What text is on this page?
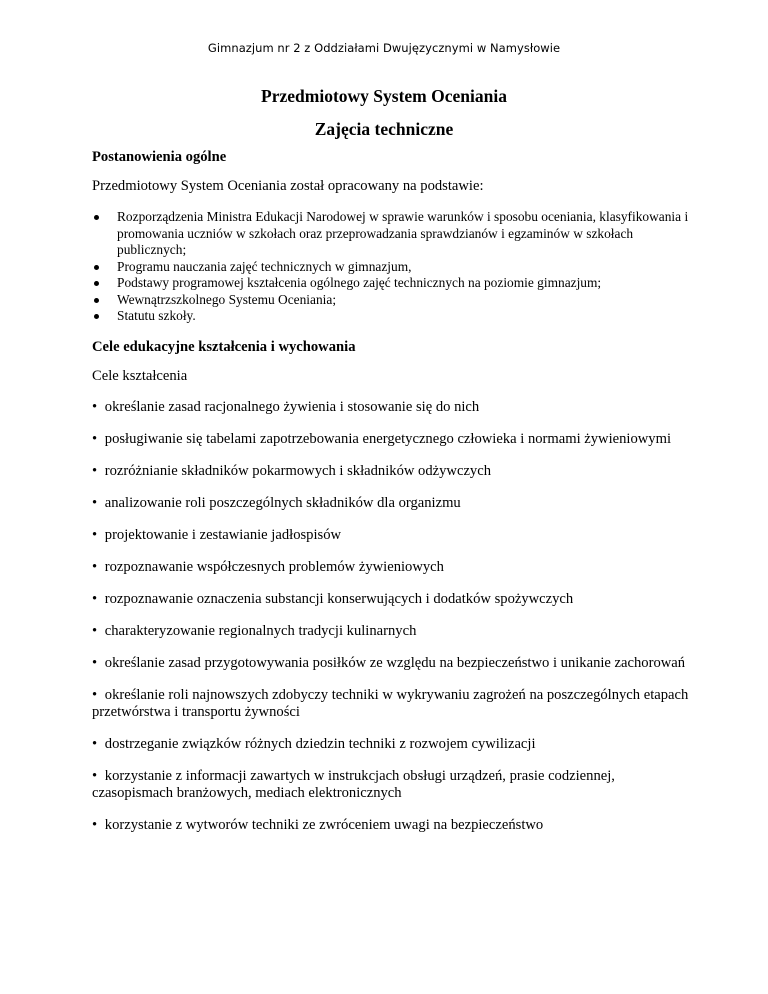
Gimnazjum nr 2 z Oddziałami Dwujęzycznymi w Namysłowie
Przedmiotowy System Oceniania
Zajęcia techniczne
Postanowienia ogólne
Przedmiotowy System Oceniania został opracowany na podstawie:
Rozporządzenia Ministra Edukacji Narodowej w sprawie warunków i sposobu oceniania, klasyfikowania i promowania uczniów w szkołach oraz przeprowadzania sprawdzianów i egzaminów w szkołach publicznych;
Programu nauczania zajęć technicznych w gimnazjum,
Podstawy programowej kształcenia ogólnego zajęć technicznych na poziomie gimnazjum;
Wewnątrzszkolnego Systemu Oceniania;
Statutu szkoły.
Cele edukacyjne kształcenia i wychowania
Cele kształcenia
• określanie zasad racjonalnego żywienia i stosowanie się do nich
• posługiwanie się tabelami zapotrzebowania energetycznego człowieka i normami żywieniowymi
• rozróżnianie składników pokarmowych i składników odżywczych
• analizowanie roli poszczególnych składników dla organizmu
• projektowanie i zestawianie jadłospisów
• rozpoznawanie współczesnych problemów żywieniowych
• rozpoznawanie oznaczenia substancji konserwujących i dodatków spożywczych
• charakteryzowanie regionalnych tradycji kulinarnych
• określanie zasad przygotowywania posiłków ze względu na bezpieczeństwo i unikanie zachorowań
• określanie roli najnowszych zdobyczy techniki w wykrywaniu zagrożeń na poszczególnych etapach przetwórstwa i transportu żywności
• dostrzeganie związków różnych dziedzin techniki z rozwojem cywilizacji
• korzystanie z informacji zawartych w instrukcjach obsługi urządzeń, prasie codziennej, czasopismach branżowych, mediach elektronicznych
• korzystanie z wytworów techniki ze zwróceniem uwagi na bezpieczeństwo
